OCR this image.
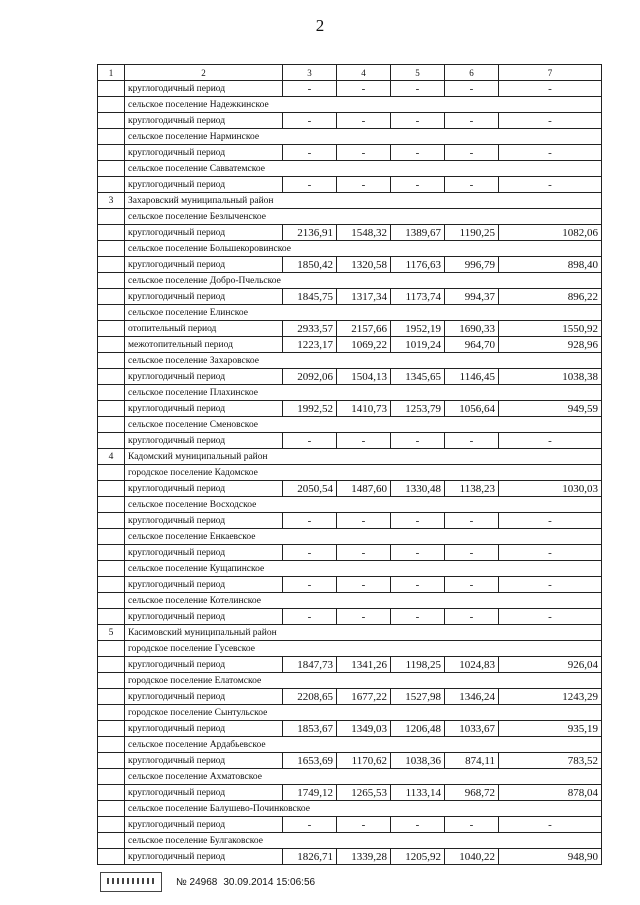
2
1	2	3	4	5	6	7
	круглогодичный период	-	-	-	-	-
	сельское поселение Надежкинское					
	круглогодичный период	-	-	-	-	-
	сельское поселение Нарминское					
	круглогодичный период	-	-	-	-	-
	сельское поселение Савватемское					
	круглогодичный период	-	-	-	-	-
3	Захаровский муниципальный район					
	сельское поселение Безлыченское					
	круглогодичный период	2136,91	1548,32	1389,67	1190,25	1082,06
	сельское поселение Большекоровинское					
	круглогодичный период	1850,42	1320,58	1176,63	996,79	898,40
	сельское поселение Добро-Пчельское					
	круглогодичный период	1845,75	1317,34	1173,74	994,37	896,22
	сельское поселение Елинское					
	отопительный период	2933,57	2157,66	1952,19	1690,33	1550,92
	межотопительный период	1223,17	1069,22	1019,24	964,70	928,96
	сельское поселение Захаровское					
	круглогодичный период	2092,06	1504,13	1345,65	1146,45	1038,38
	сельское поселение Плахинское					
	круглогодичный период	1992,52	1410,73	1253,79	1056,64	949,59
	сельское поселение Сменовское					
	круглогодичный период	-	-	-	-	-
4	Кадомский муниципальный район					
	городское поселение Кадомское					
	круглогодичный период	2050,54	1487,60	1330,48	1138,23	1030,03
	сельское поселение Восходское					
	круглогодичный период	-	-	-	-	-
	сельское поселение Енкаевское					
	круглогодичный период	-	-	-	-	-
	сельское поселение Кущапинское					
	круглогодичный период	-	-	-	-	-
	сельское поселение Котелинское					
	круглогодичный период	-	-	-	-	-
5	Касимовский муниципальный район					
	городское поселение Гусевское					
	круглогодичный период	1847,73	1341,26	1198,25	1024,83	926,04
	городское поселение Елатомское					
	круглогодичный период	2208,65	1677,22	1527,98	1346,24	1243,29
	городское поселение Сынтульское					
	круглогодичный период	1853,67	1349,03	1206,48	1033,67	935,19
	сельское поселение Ардабьевское					
	круглогодичный период	1653,69	1170,62	1038,36	874,11	783,52
	сельское поселение Ахматовское					
	круглогодичный период	1749,12	1265,53	1133,14	968,72	878,04
	сельское поселение Балушево-Починковское					
	круглогодичный период	-	-	-	-	-
	сельское поселение Булгаковское					
	круглогодичный период	1826,71	1339,28	1205,92	1040,22	948,90
№ 24968 30.09.2014 15:06:56
